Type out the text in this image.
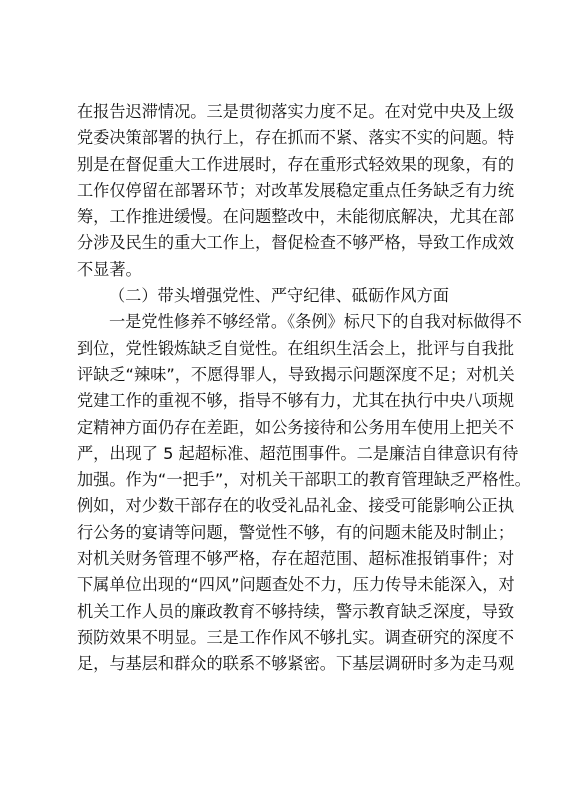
在报告迟滞情况。三是贯彻落实力度不足。在对党中央及上级
党委决策部署的执行上，存在抓而不紧、落实不实的问题。特
别是在督促重大工作进展时，存在重形式轻效果的现象，有的
工作仅停留在部署环节；对改革发展稳定重点任务缺乏有力统
筹，工作推进缓慢。在问题整改中，未能彻底解决，尤其在部
分涉及民生的重大工作上，督促检查不够严格，导致工作成效
不显著。
（二）带头增强党性、严守纪律、砥砺作风方面
一是党性修养不够经常。《条例》标尺下的自我对标做得不
到位，党性锻炼缺乏自觉性。在组织生活会上，批评与自我批
评缺乏“辣味”，不愿得罪人，导致揭示问题深度不足；对机关
党建工作的重视不够，指导不够有力，尤其在执行中央八项规
定精神方面仍存在差距，如公务接待和公务用车使用上把关不
严，出现了 5 起超标准、超范围事件。二是廉洁自律意识有待
加强。作为“一把手”，对机关干部职工的教育管理缺乏严格性。
例如，对少数干部存在的收受礼品礼金、接受可能影响公正执
行公务的宴请等问题，警觉性不够，有的问题未能及时制止；
对机关财务管理不够严格，存在超范围、超标准报销事件；对
下属单位出现的“四风”问题查处不力，压力传导未能深入，对
机关工作人员的廉政教育不够持续，警示教育缺乏深度，导致
预防效果不明显。三是工作作风不够扎实。调查研究的深度不
足，与基层和群众的联系不够紧密。下基层调研时多为走马观
